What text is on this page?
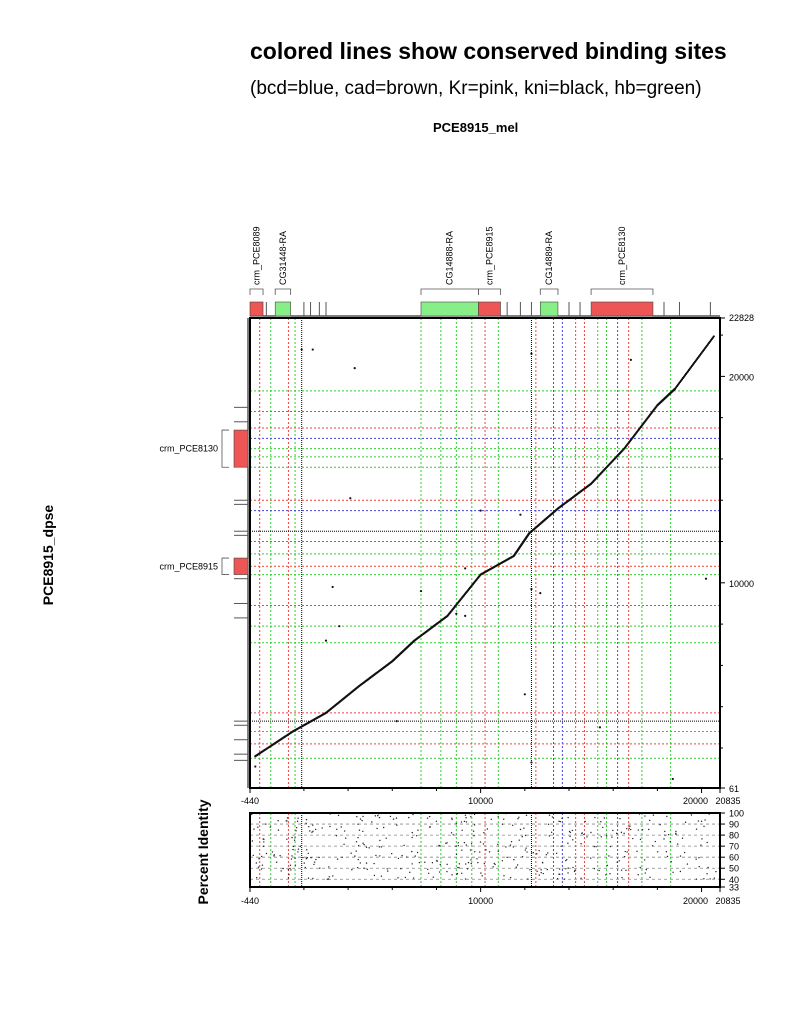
colored lines show conserved binding sites
(bcd=blue, cad=brown, Kr=pink, kni=black, hb=green)
PCE8915_mel
PCE8915_dpse
Percent Identity
crm_PCE8089 CG31448-RA	CG14888-RA	crm_PCE8915	CG14889-RA	crm_PCE8130
crm_PCE8130
crm_PCE8915
22828
20000
10000
61
-440	10000	20000 20835
100
90
80
70
60
50
40
33
-440	10000	20000 20835
